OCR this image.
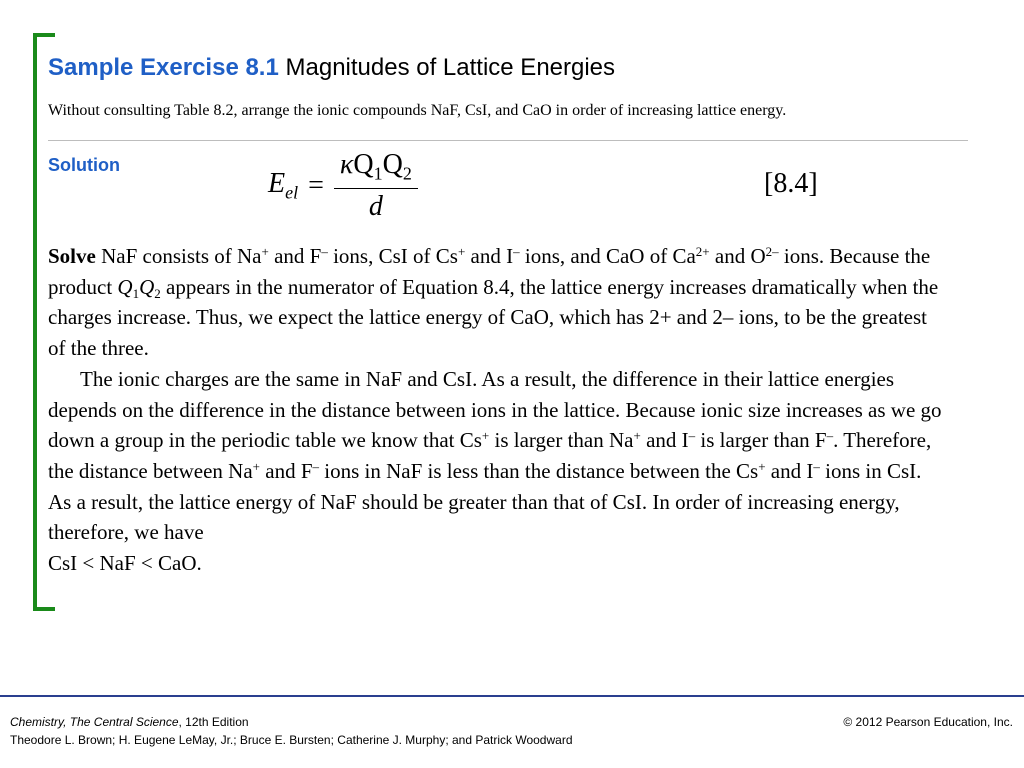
Sample Exercise 8.1 Magnitudes of Lattice Energies

Without consulting Table 8.2, arrange the ionic compounds NaF, CsI, and CaO in order of increasing lattice energy.

Solution
$E_{el} = \frac{\kappa Q_1Q_2}{d}$	[8.4]

Solve NaF consists of Na+ and F– ions, CsI of Cs+ and I– ions, and CaO of $Ca^{2+}$ and $O^{2-}$ ions. Because the product $Q_1Q_2$ appears in the numerator of Equation 8.4, the lattice energy increases dramatically when the charges increase. Thus, we expect the lattice energy of CaO, which has 2+ and 2– ions, to be the greatest
of the three.

The ionic charges are the same in NaF and CsI. As a result, the difference in their lattice energies depends on the difference in the distance between ions in the lattice. Because ionic size increases as we go down a group in the periodic table we know that Cs+ is larger than Na+ and I– is larger than F–. Therefore, the distance between Na+ and F– ions in NaF is less than the distance between the Cs+ and I– ions in CsI. As a result, the lattice energy of NaF should be greater than that of CsI. In order of increasing energy, therefore, we have

CsI < NaF < CaO.

Chemistry, The Central Science, 12th Edition
Theodore L. Brown; H. Eugene LeMay, Jr.; Bruce E. Bursten; Catherine J. Murphy; and Patrick Woodward
© 2012 Pearson Education, Inc.
